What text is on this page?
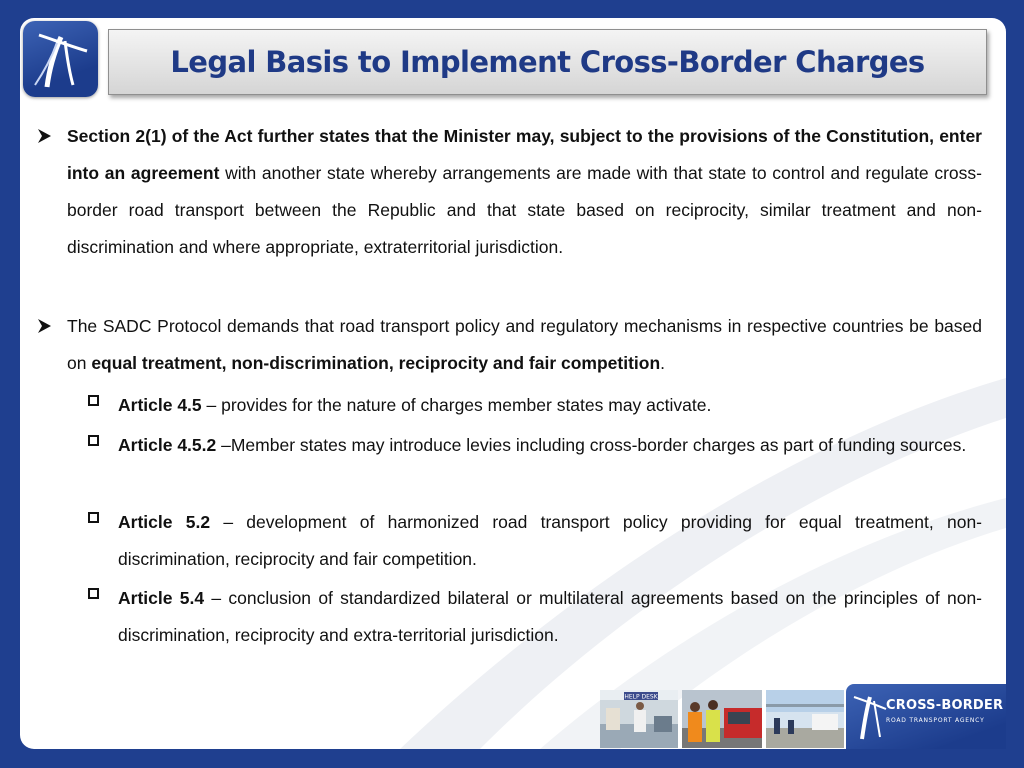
Legal Basis to Implement Cross-Border Charges
Section 2(1) of the Act further states that the Minister may, subject to the provisions of the Constitution, enter into an agreement with another state whereby arrangements are made with that state to control and regulate cross-border road transport between the Republic and that state based on reciprocity, similar treatment and non-discrimination and where appropriate, extraterritorial jurisdiction.
The SADC Protocol demands that road transport policy and regulatory mechanisms in respective countries be based on equal treatment, non-discrimination, reciprocity and fair competition.
Article 4.5 – provides for the nature of charges member states may activate.
Article 4.5.2 –Member states may introduce levies including cross-border charges as part of funding sources.
Article 5.2 – development of harmonized road transport policy providing for equal treatment, non-discrimination, reciprocity and fair competition.
Article 5.4 – conclusion of standardized bilateral or multilateral agreements based on the principles of non-discrimination, reciprocity and extra-territorial jurisdiction.
HELP DESK
CROSS-BORDER
ROAD TRANSPORT AGENCY
